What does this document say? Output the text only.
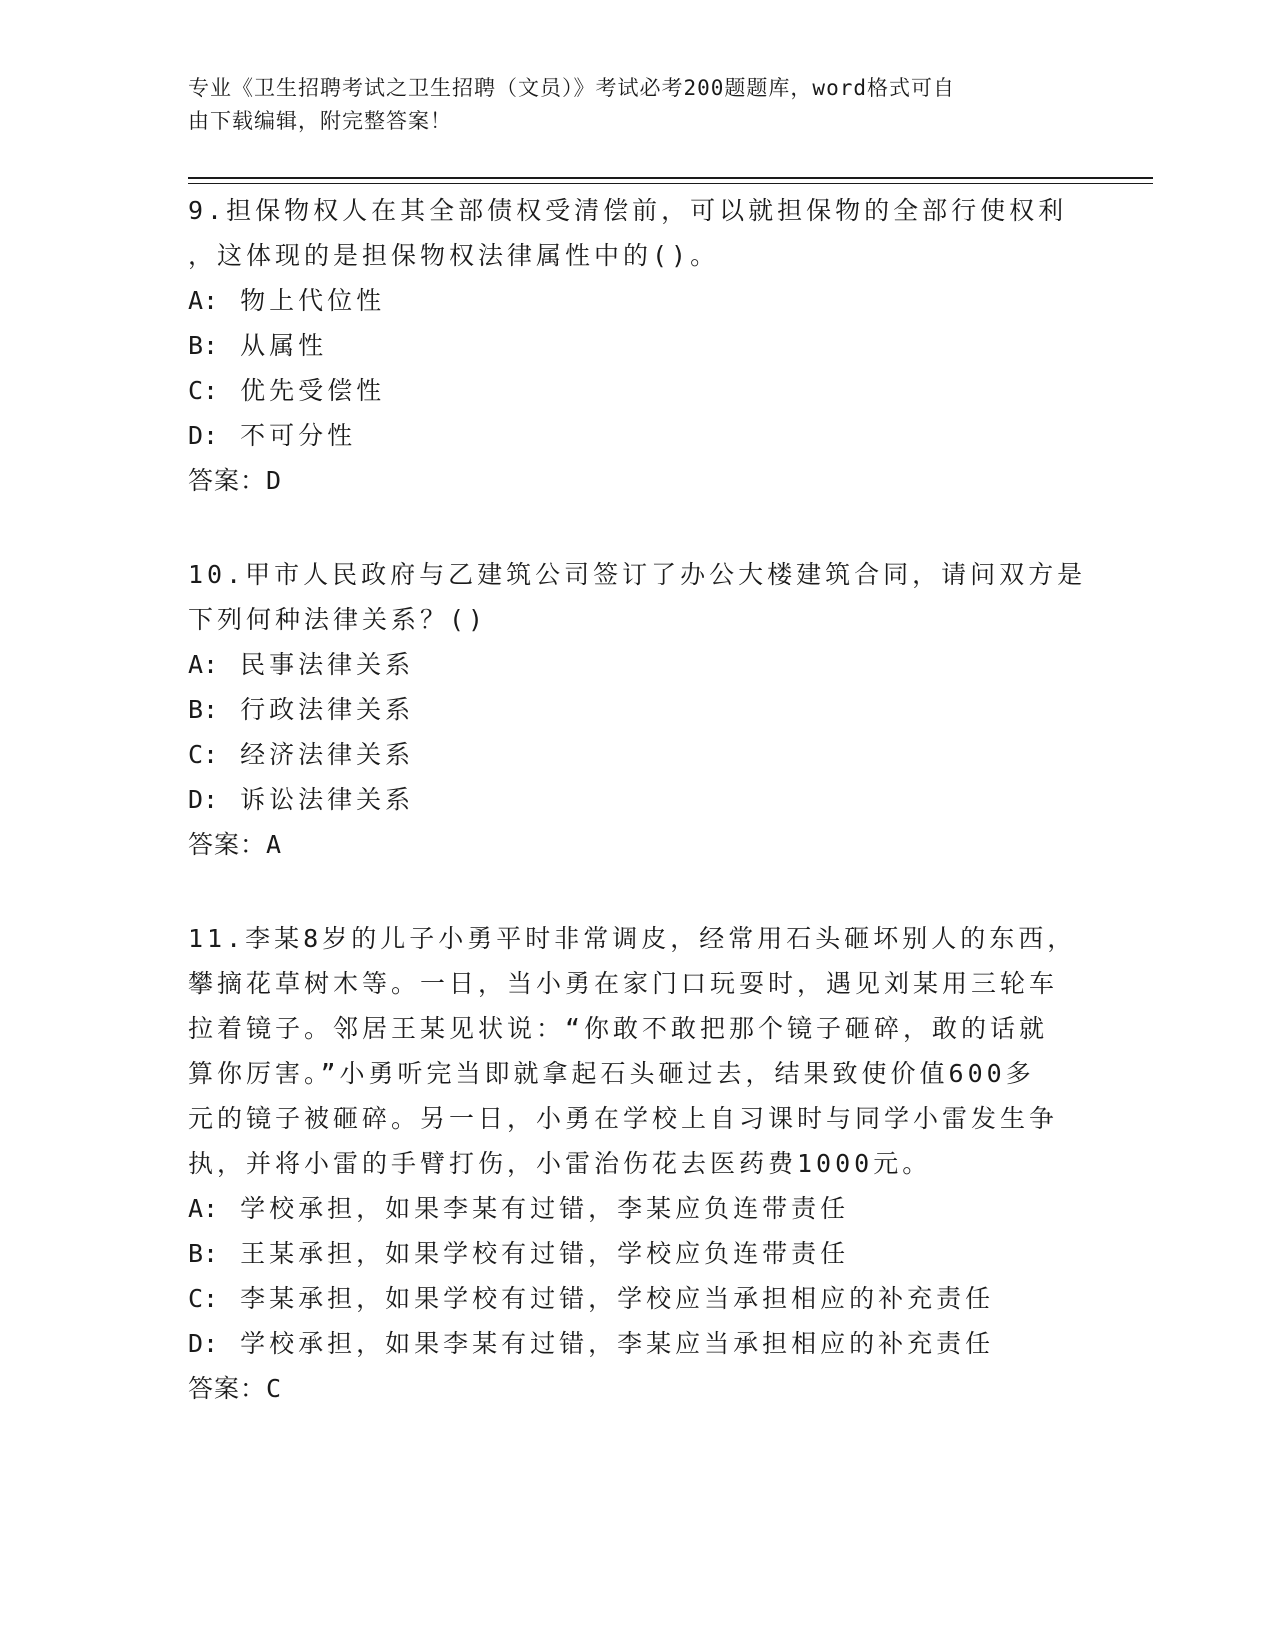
专业《卫生招聘考试之卫生招聘（文员）》考试必考200题题库，word格式可自
由下载编辑，附完整答案！

9.担保物权人在其全部债权受清偿前，可以就担保物的全部行使权利
，这体现的是担保物权法律属性中的()。

A: 物上代位性

B: 从属性

C: 优先受偿性

D: 不可分性

答案：D

10.甲市人民政府与乙建筑公司签订了办公大楼建筑合同，请问双方是
下列何种法律关系？()

A: 民事法律关系

B: 行政法律关系

C: 经济法律关系

D: 诉讼法律关系

答案：A

11.李某8岁的儿子小勇平时非常调皮，经常用石头砸坏别人的东西，
攀摘花草树木等。一日，当小勇在家门口玩耍时，遇见刘某用三轮车
拉着镜子。邻居王某见状说：“你敢不敢把那个镜子砸碎，敢的话就
算你厉害。”小勇听完当即就拿起石头砸过去，结果致使价值600多
元的镜子被砸碎。另一日，小勇在学校上自习课时与同学小雷发生争
执，并将小雷的手臂打伤，小雷治伤花去医药费1000元。

A: 学校承担，如果李某有过错，李某应负连带责任

B: 王某承担，如果学校有过错，学校应负连带责任

C: 李某承担，如果学校有过错，学校应当承担相应的补充责任

D: 学校承担，如果李某有过错，李某应当承担相应的补充责任

答案：C
